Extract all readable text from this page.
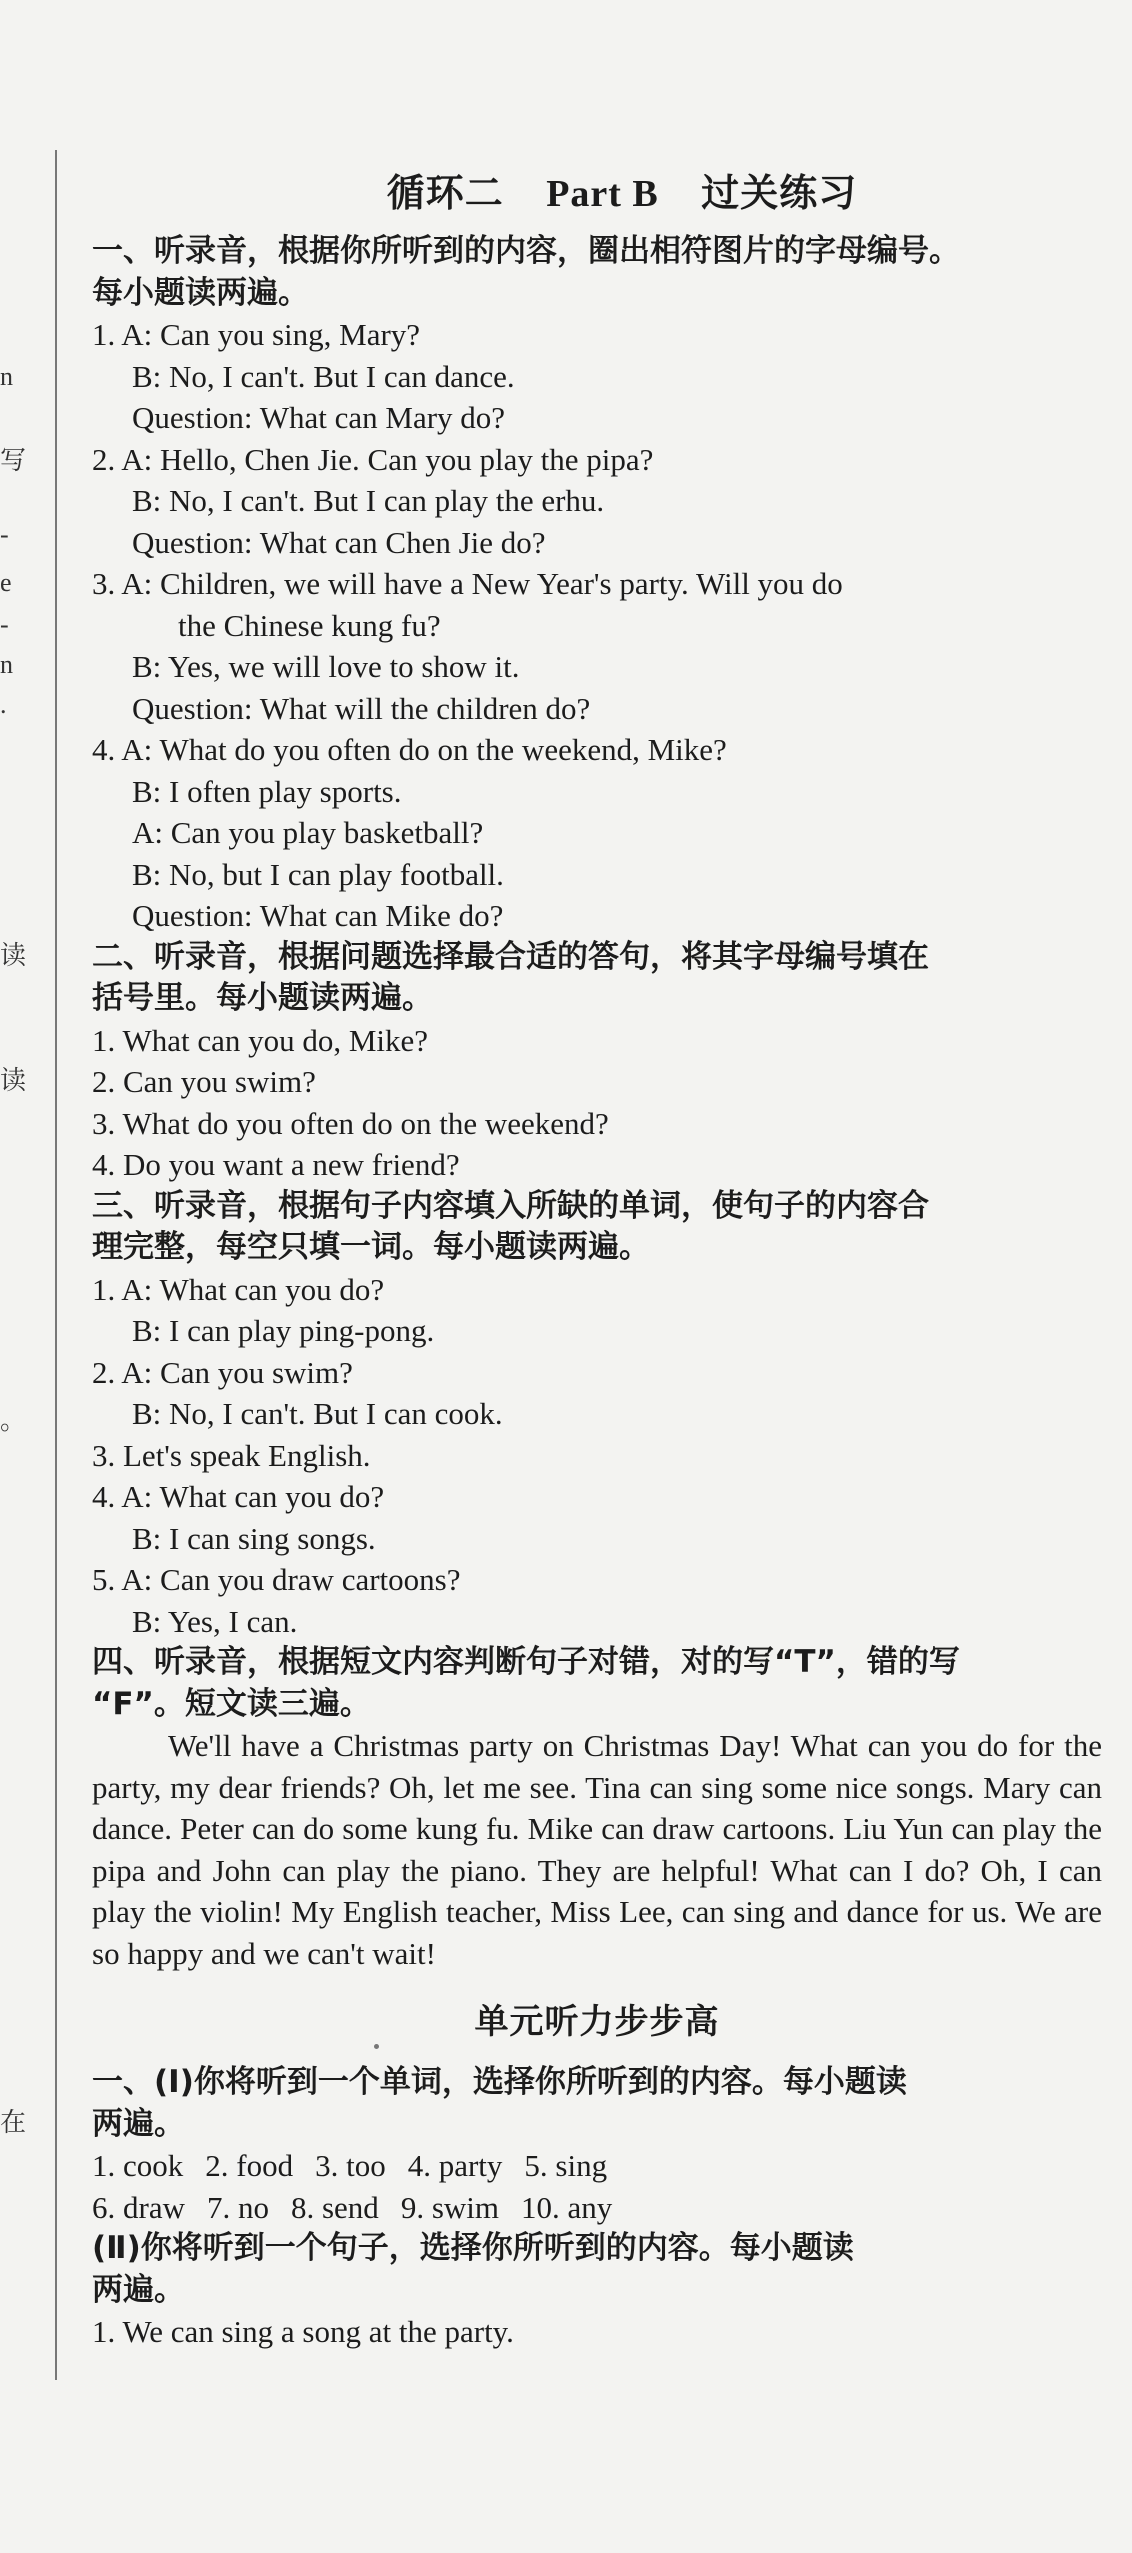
n
写
-
e
-
n
.
读
读
。
在
循环二 Part B 过关练习
一、听录音，根据你所听到的内容，圈出相符图片的字母编号。
每小题读两遍。
1. A: Can you sing, Mary?
B: No, I can't. But I can dance.
Question: What can Mary do?
2. A: Hello, Chen Jie. Can you play the pipa?
B: No, I can't. But I can play the erhu.
Question: What can Chen Jie do?
3. A: Children, we will have a New Year's party. Will you do
the Chinese kung fu?
B: Yes, we will love to show it.
Question: What will the children do?
4. A: What do you often do on the weekend, Mike?
B: I often play sports.
A: Can you play basketball?
B: No, but I can play football.
Question: What can Mike do?
二、听录音，根据问题选择最合适的答句，将其字母编号填在
括号里。每小题读两遍。
1. What can you do, Mike?
2. Can you swim?
3. What do you often do on the weekend?
4. Do you want a new friend?
三、听录音，根据句子内容填入所缺的单词，使句子的内容合
理完整，每空只填一词。每小题读两遍。
1. A: What can you do?
B: I can play ping-pong.
2. A: Can you swim?
B: No, I can't. But I can cook.
3. Let's speak English.
4. A: What can you do?
B: I can sing songs.
5. A: Can you draw cartoons?
B: Yes, I can.
四、听录音，根据短文内容判断句子对错，对的写“T”，错的写
“F”。短文读三遍。

We'll have a Christmas party on Christmas Day! What can you do for the party, my dear friends? Oh, let me see. Tina can sing some nice songs. Mary can dance. Peter can do some kung fu. Mike can draw cartoons. Liu Yun can play the pipa and John can play the piano. They are helpful! What can I do? Oh, I can play the violin! My English teacher, Miss Lee, can sing and dance for us. We are so happy and we can't wait!

单元听力步步高
一、(Ⅰ)你将听到一个单词，选择你所听到的内容。每小题读
两遍。
1. cook 2. food 3. too 4. party 5. sing
6. draw 7. no 8. send 9. swim 10. any
(Ⅱ)你将听到一个句子，选择你所听到的内容。每小题读
两遍。
1. We can sing a song at the party.
